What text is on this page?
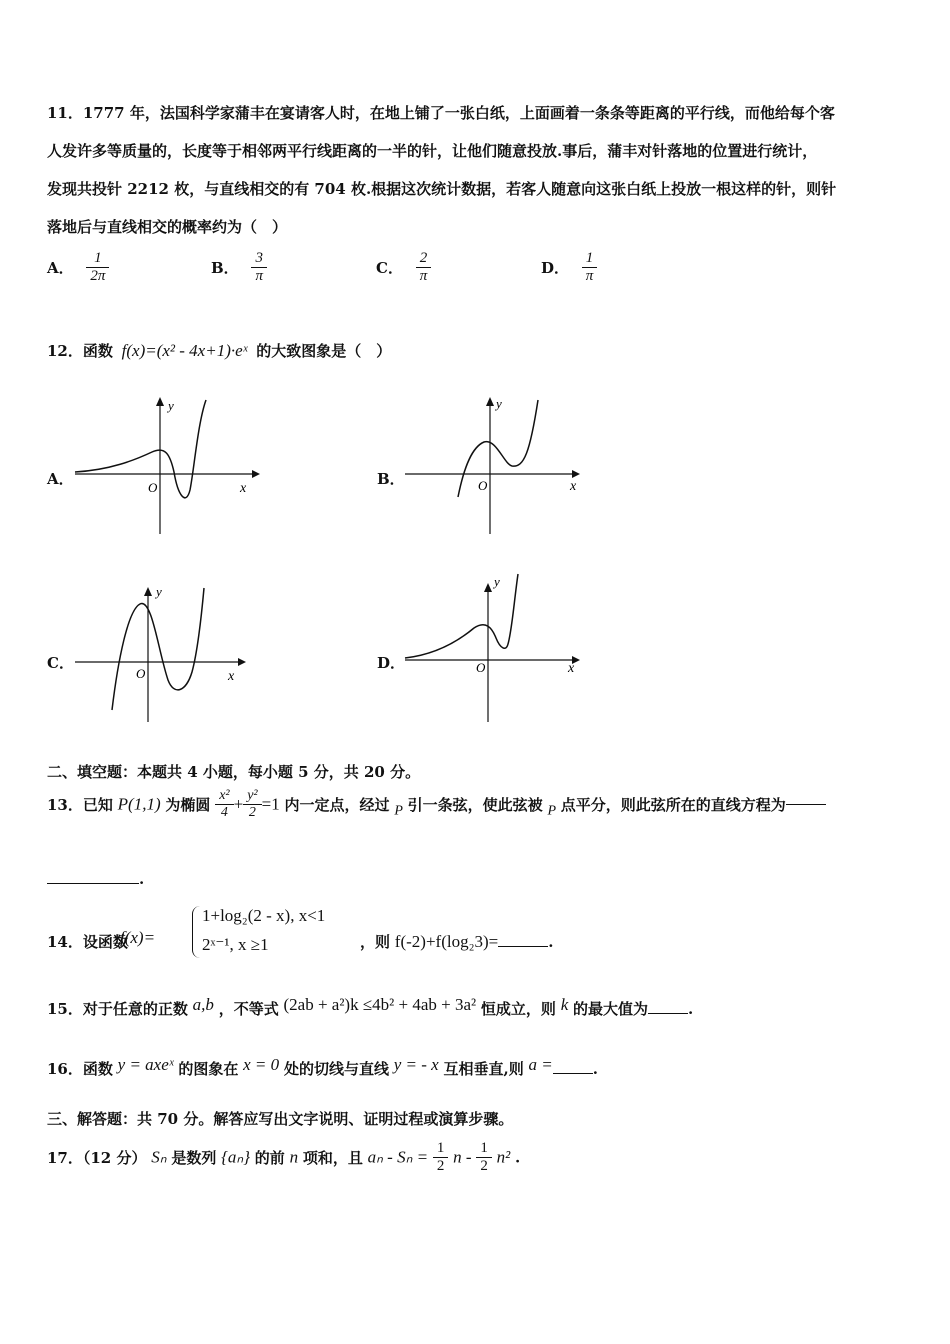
11．1777 年，法国科学家蒲丰在宴请客人时，在地上铺了一张白纸，上面画着一条条等距离的平行线，而他给每个客
人发许多等质量的，长度等于相邻两平行线距离的一半的针，让他们随意投放.事后，蒲丰对针落地的位置进行统计，
发现共投针 2212 枚，与直线相交的有 704 枚.根据这次统计数据，若客人随意向这张白纸上投放一根这样的针，则针
落地后与直线相交的概率约为（　）
A． $\frac{1}{2\pi}$	B． $\frac{3}{\pi}$	C． $\frac{2}{\pi}$	D． $\frac{1}{\pi}$
12．函数 f(x)=(x² - 4x+1)·eˣ 的大致图象是（　）
A．	B．
C．	D．
y
x
O
y
x
O
y
x
O
y
x
O
二、填空题：本题共 4 小题，每小题 5 分，共 20 分。
13．已知 P(1,1) 为椭圆 $\frac{\text{x²}}{4} + \frac{\text{y²}}{2} =1$ 内一定点，经过 P 引一条弦，使此弦被 P 点平分，则此弦所在的直线方程为
.
14．设函数
f(x)=
1+log₂(2 - x), x<1
2ˣ⁻¹, x ≥1	，则 f(-2)+f(log₂3)=	.
15．对于任意的正数 a,b ，不等式 (2ab + a²)k ≤4b² + 4ab + 3a² 恒成立，则 k 的最大值为	.
16．函数 y = axeˣ 的图象在 x = 0 处的切线与直线 y = - x 互相垂直,则 a =	.
三、解答题：共 70 分。解答应写出文字说明、证明过程或演算步骤。
17．（12 分） Sₙ 是数列 {aₙ} 的前 n 项和，且 $a_n - S_n = \frac{1}{2}$ n - $\frac{1}{2} n^2$ .
